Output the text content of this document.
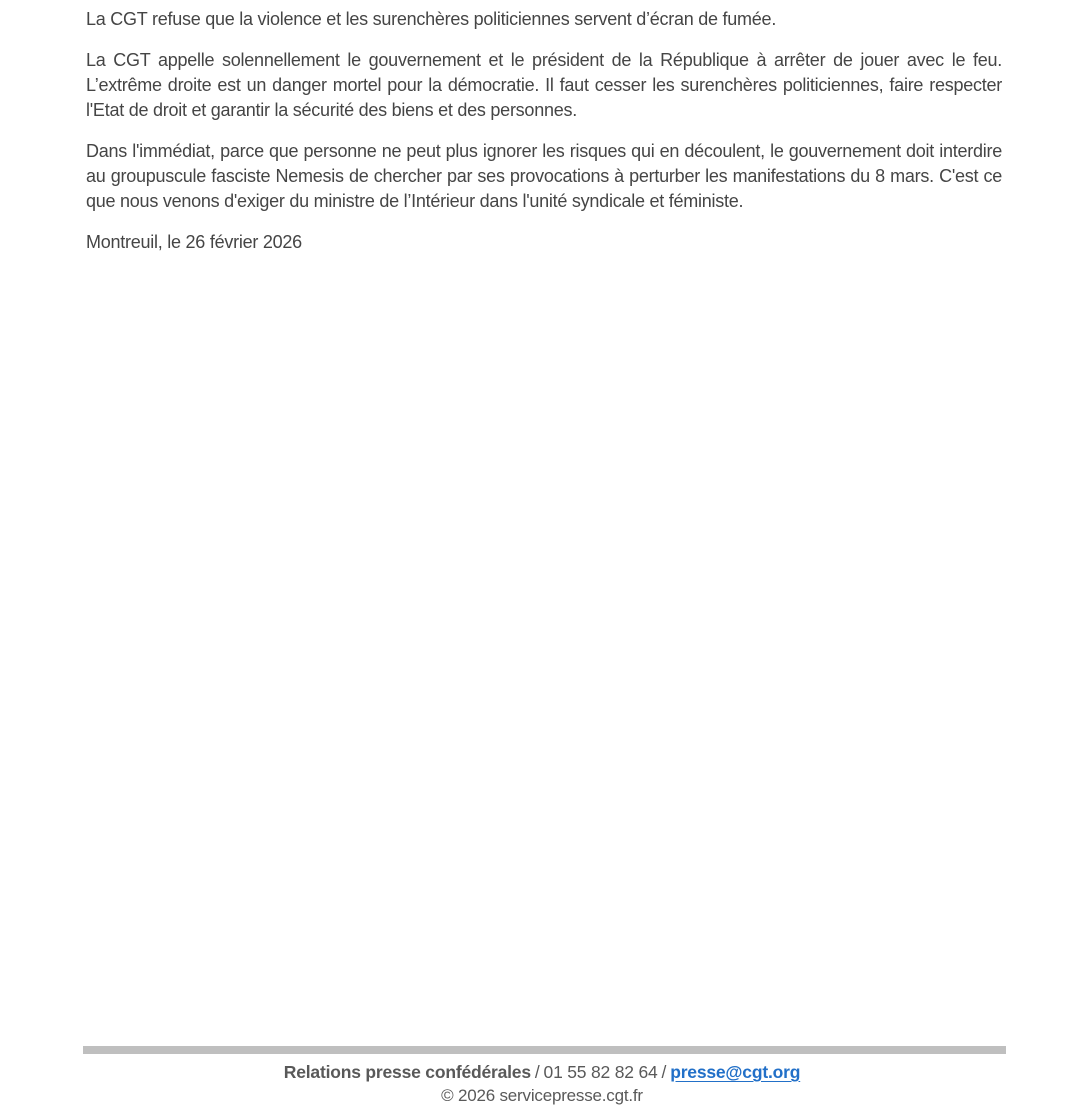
La CGT refuse que la violence et les surenchères politiciennes servent d’écran de fumée.

La CGT appelle solennellement le gouvernement et le président de la République à arrêter de jouer avec le feu. L’extrême droite est un danger mortel pour la démocratie. Il faut cesser les surenchères politiciennes, faire respecter l'Etat de droit et garantir la sécurité des biens et des personnes.

Dans l'immédiat, parce que personne ne peut plus ignorer les risques qui en découlent, le gouvernement doit interdire au groupuscule fasciste Nemesis de chercher par ses provocations à perturber les manifestations du 8 mars. C'est ce que nous venons d'exiger du ministre de l’Intérieur dans l'unité syndicale et féministe.

Montreuil, le 26 février 2026

Relations presse confédérales / 01 55 82 82 64 / presse@cgt.org
© 2026 servicepresse.cgt.fr
